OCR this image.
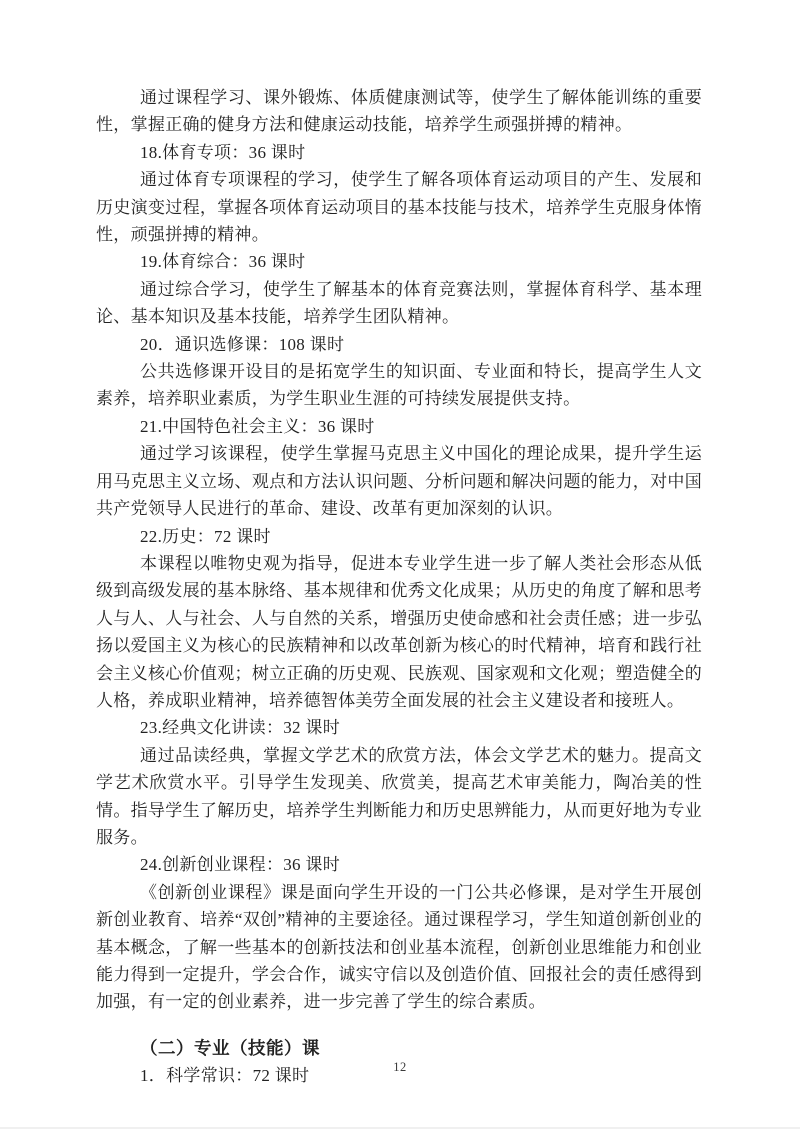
通过课程学习、课外锻炼、体质健康测试等，使学生了解体能训练的重要性，掌握正确的健身方法和健康运动技能，培养学生顽强拼搏的精神。

18.体育专项：36 课时

通过体育专项课程的学习，使学生了解各项体育运动项目的产生、发展和历史演变过程，掌握各项体育运动项目的基本技能与技术，培养学生克服身体惰性，顽强拼搏的精神。

19.体育综合：36 课时

通过综合学习，使学生了解基本的体育竞赛法则，掌握体育科学、基本理论、基本知识及基本技能，培养学生团队精神。

20．通识选修课：108 课时

公共选修课开设目的是拓宽学生的知识面、专业面和特长，提高学生人文素养，培养职业素质，为学生职业生涯的可持续发展提供支持。

21.中国特色社会主义：36 课时

通过学习该课程，使学生掌握马克思主义中国化的理论成果，提升学生运用马克思主义立场、观点和方法认识问题、分析问题和解决问题的能力，对中国共产党领导人民进行的革命、建设、改革有更加深刻的认识。

22.历史：72 课时

本课程以唯物史观为指导，促进本专业学生进一步了解人类社会形态从低级到高级发展的基本脉络、基本规律和优秀文化成果；从历史的角度了解和思考人与人、人与社会、人与自然的关系，增强历史使命感和社会责任感；进一步弘扬以爱国主义为核心的民族精神和以改革创新为核心的时代精神，培育和践行社会主义核心价值观；树立正确的历史观、民族观、国家观和文化观；塑造健全的人格，养成职业精神，培养德智体美劳全面发展的社会主义建设者和接班人。

23.经典文化讲读：32 课时

通过品读经典，掌握文学艺术的欣赏方法，体会文学艺术的魅力。提高文学艺术欣赏水平。引导学生发现美、欣赏美，提高艺术审美能力，陶冶美的性情。指导学生了解历史，培养学生判断能力和历史思辨能力，从而更好地为专业服务。

24.创新创业课程：36 课时

《创新创业课程》课是面向学生开设的一门公共必修课，是对学生开展创新创业教育、培养“双创”精神的主要途径。通过课程学习，学生知道创新创业的基本概念，了解一些基本的创新技法和创业基本流程，创新创业思维能力和创业能力得到一定提升，学会合作，诚实守信以及创造价值、回报社会的责任感得到加强，有一定的创业素养，进一步完善了学生的综合素质。

（二）专业（技能）课

1．科学常识：72 课时	12
